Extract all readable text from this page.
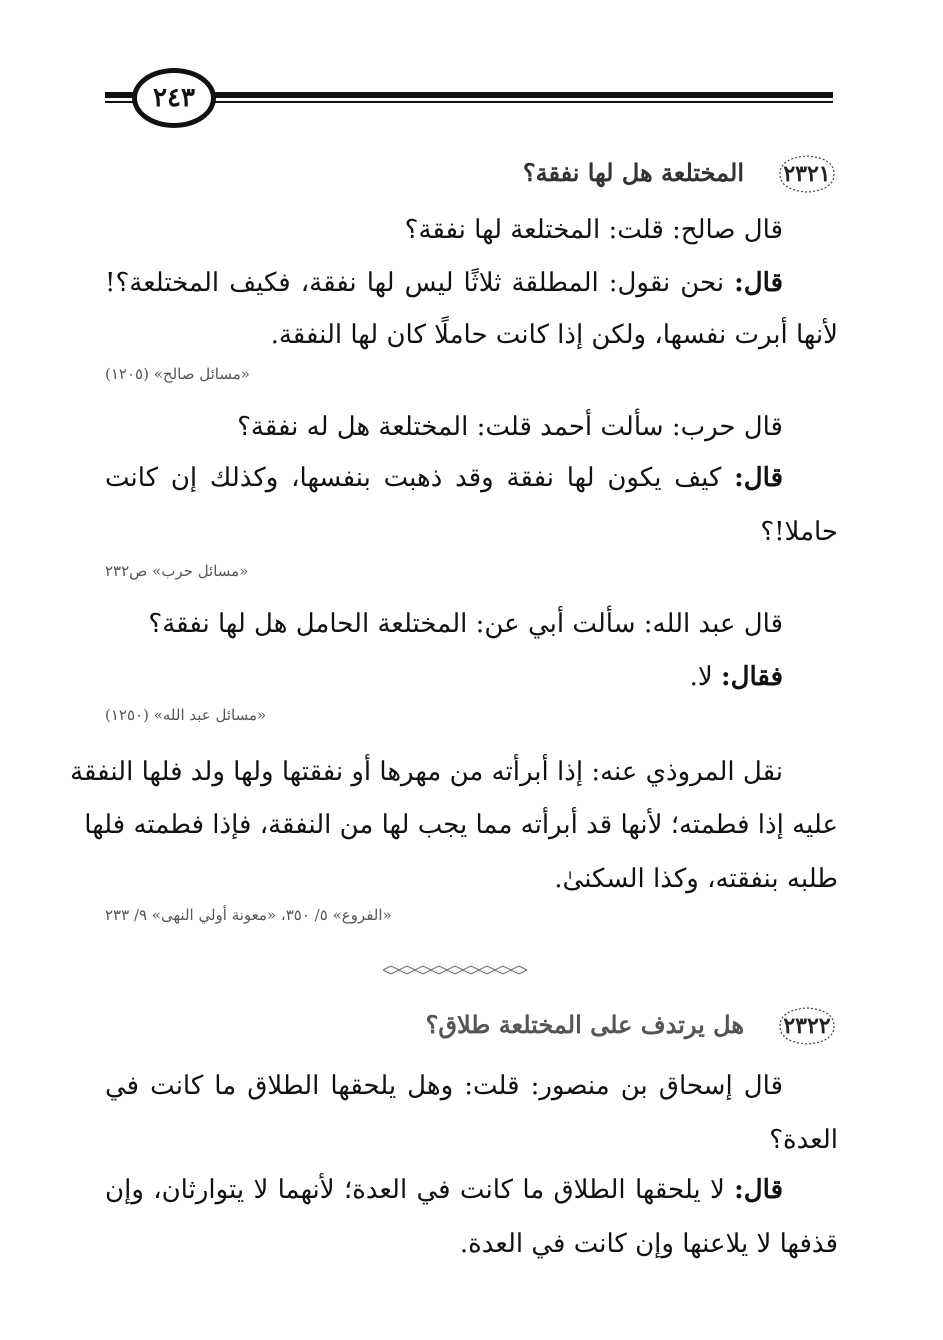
٢٤٣
٢٣٢١
المختلعة هل لها نفقة؟
قال صالح: قلت: المختلعة لها نفقة؟
قال: نحن نقول: المطلقة ثلاثًا ليس لها نفقة، فكيف المختلعة؟!
لأنها أبرت نفسها، ولكن إذا كانت حاملًا كان لها النفقة.
«مسائل صالح» (١٢٠٥)
قال حرب: سألت أحمد قلت: المختلعة هل له نفقة؟
قال: كيف يكون لها نفقة وقد ذهبت بنفسها، وكذلك إن كانت
حاملا!؟
«مسائل حرب» ص٢٣٢
قال عبد الله: سألت أبي عن: المختلعة الحامل هل لها نفقة؟
فقال: لا.
«مسائل عبد الله» (١٢٥٠)
نقل المروذي عنه: إذا أبرأته من مهرها أو نفقتها ولها ولد فلها النفقة
عليه إذا فطمته؛ لأنها قد أبرأته مما يجب لها من النفقة، فإذا فطمته فلها
طلبه بنفقته، وكذا السكنىٰ.
«الفروع» ٥/ ٣٥٠، «معونة أولي النهى» ٩/ ٢٣٣
٢٣٢٢
هل يرتدف على المختلعة طلاق؟
قال إسحاق بن منصور: قلت: وهل يلحقها الطلاق ما كانت في
العدة؟
قال: لا يلحقها الطلاق ما كانت في العدة؛ لأنهما لا يتوارثان، وإن
قذفها لا يلاعنها وإن كانت في العدة.
